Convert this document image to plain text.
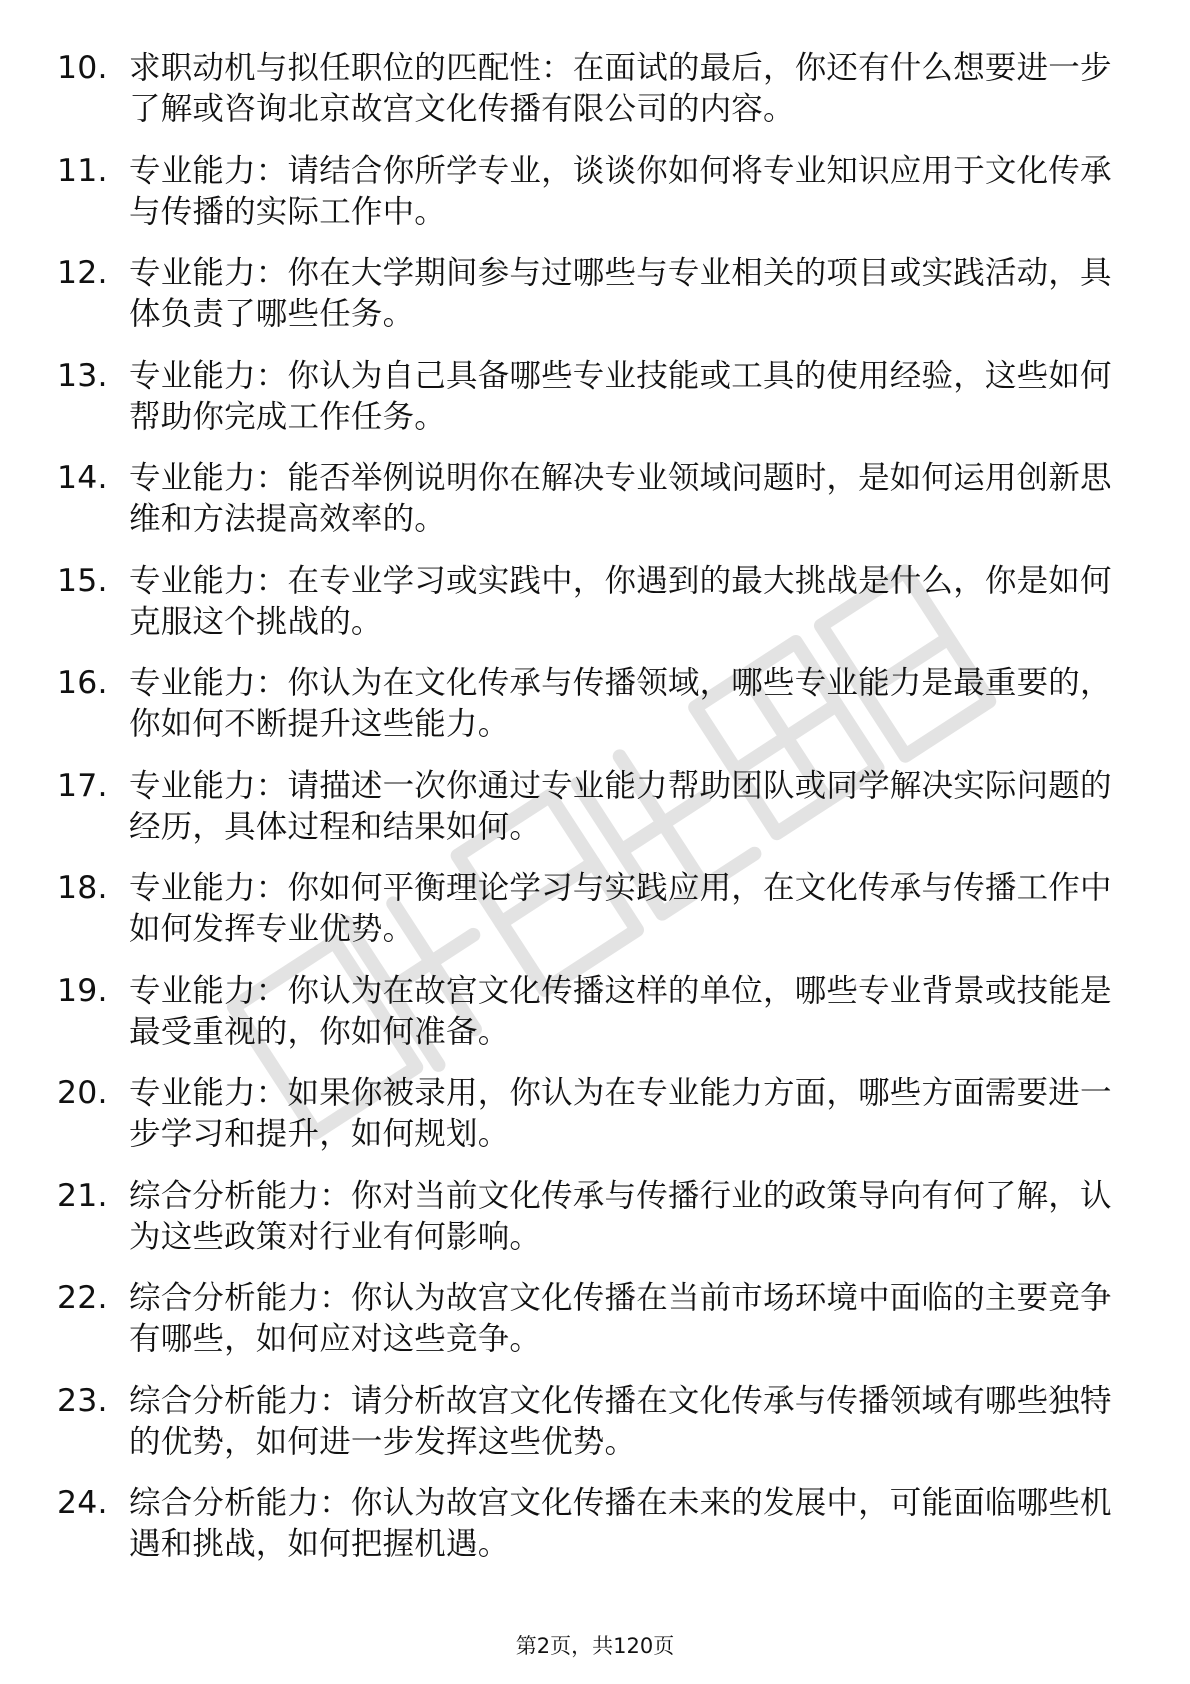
10. 求职动机与拟任职位的匹配性：在面试的最后，你还有什么想要进一步了解或咨询北京故宫文化传播有限公司的内容。
11. 专业能力：请结合你所学专业，谈谈你如何将专业知识应用于文化传承与传播的实际工作中。
12. 专业能力：你在大学期间参与过哪些与专业相关的项目或实践活动，具体负责了哪些任务。
13. 专业能力：你认为自己具备哪些专业技能或工具的使用经验，这些如何帮助你完成工作任务。
14. 专业能力：能否举例说明你在解决专业领域问题时，是如何运用创新思维和方法提高效率的。
15. 专业能力：在专业学习或实践中，你遇到的最大挑战是什么，你是如何克服这个挑战的。
16. 专业能力：你认为在文化传承与传播领域，哪些专业能力是最重要的，你如何不断提升这些能力。
17. 专业能力：请描述一次你通过专业能力帮助团队或同学解决实际问题的经历，具体过程和结果如何。
18. 专业能力：你如何平衡理论学习与实践应用，在文化传承与传播工作中如何发挥专业优势。
19. 专业能力：你认为在故宫文化传播这样的单位，哪些专业背景或技能是最受重视的，你如何准备。
20. 专业能力：如果你被录用，你认为在专业能力方面，哪些方面需要进一步学习和提升，如何规划。
21. 综合分析能力：你对当前文化传承与传播行业的政策导向有何了解，认为这些政策对行业有何影响。
22. 综合分析能力：你认为故宫文化传播在当前市场环境中面临的主要竞争有哪些，如何应对这些竞争。
23. 综合分析能力：请分析故宫文化传播在文化传承与传播领域有哪些独特的优势，如何进一步发挥这些优势。
24. 综合分析能力：你认为故宫文化传播在未来的发展中，可能面临哪些机遇和挑战，如何把握机遇。
第2页，共120页
